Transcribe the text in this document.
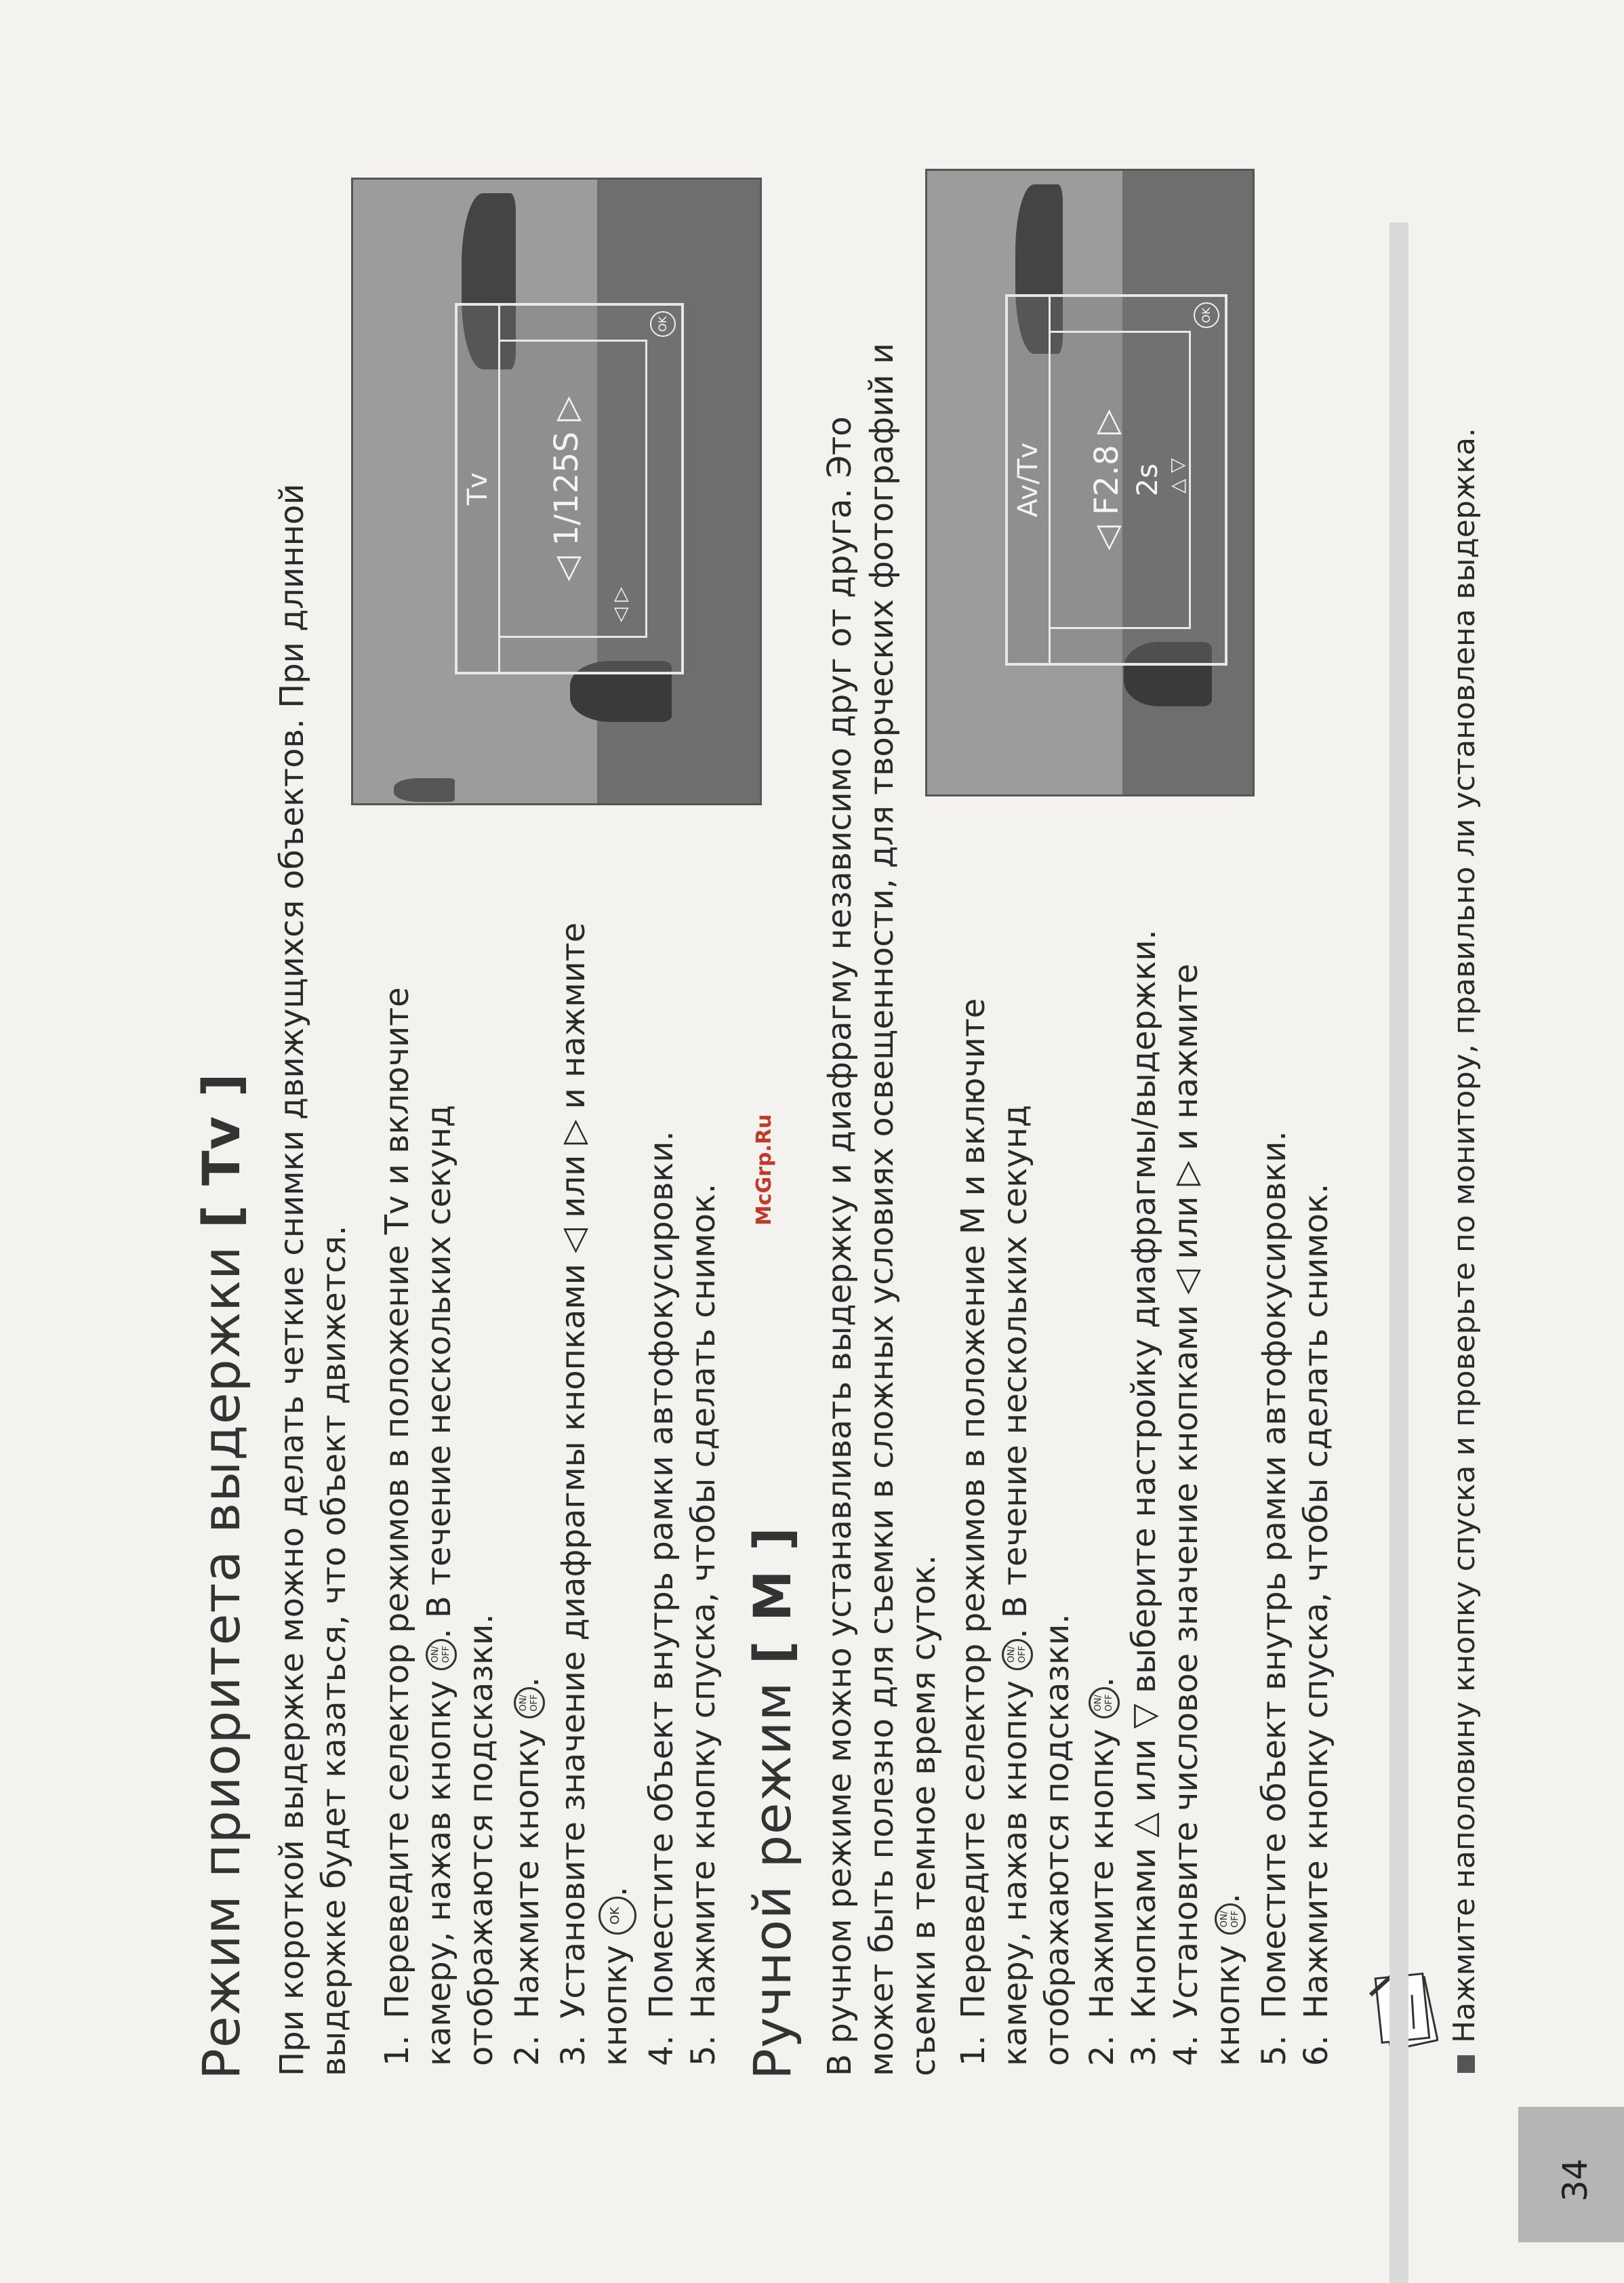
Режим приоритета выдержки [ Tv ] При короткой выдержке можно делать четкие снимки движущихся объектов. При длинной выдержке будет казаться, что объект движется. 1.Переведите селектор режимов в положение Tv и включите камеру, нажав кнопку ON/ OFF. В течение нескольких секунд отображаются подсказки. 2.Нажмите кнопку ON/ OFF.
3.Установите значение диафрагмы кнопками ◁ или ▷ и нажмите кнопку OK.
4.Поместите объект внутрь рамки автофокусировки.
5.Нажмите кнопку спуска, чтобы сделать снимок.
Tv ◁ 1/125S ▷
◁ ▷
OK
Ручной режим [ M ] В ручном режиме можно устанавливать выдержку и диафрагму независимо друг от друга. Это может быть полезно для съемки в сложных условиях освещенности, для творческих фотографий и съемки в темное время суток. 1.Переведите селектор режимов в положение M и включите камеру, нажав кнопку ON/ OFF. В течение нескольких секунд отображаются подсказки. 2.Нажмите кнопку ON/ OFF.
3.Кнопками △ или ▽ выберите настройку диафрагмы/выдержки.
4.Установите числовое значение кнопками ◁ или ▷ и нажмите кнопку ON/ OFF.
5.Поместите объект внутрь рамки автофокусировки.
6.Нажмите кнопку спуска, чтобы сделать снимок.
Av/Tv ◁ F2.8 ▷ 2s △ ▽
OK
Нажмите наполовину кнопку спуска и проверьте по монитору, правильно ли установлена выдержка.
34
McGrp.Ru
